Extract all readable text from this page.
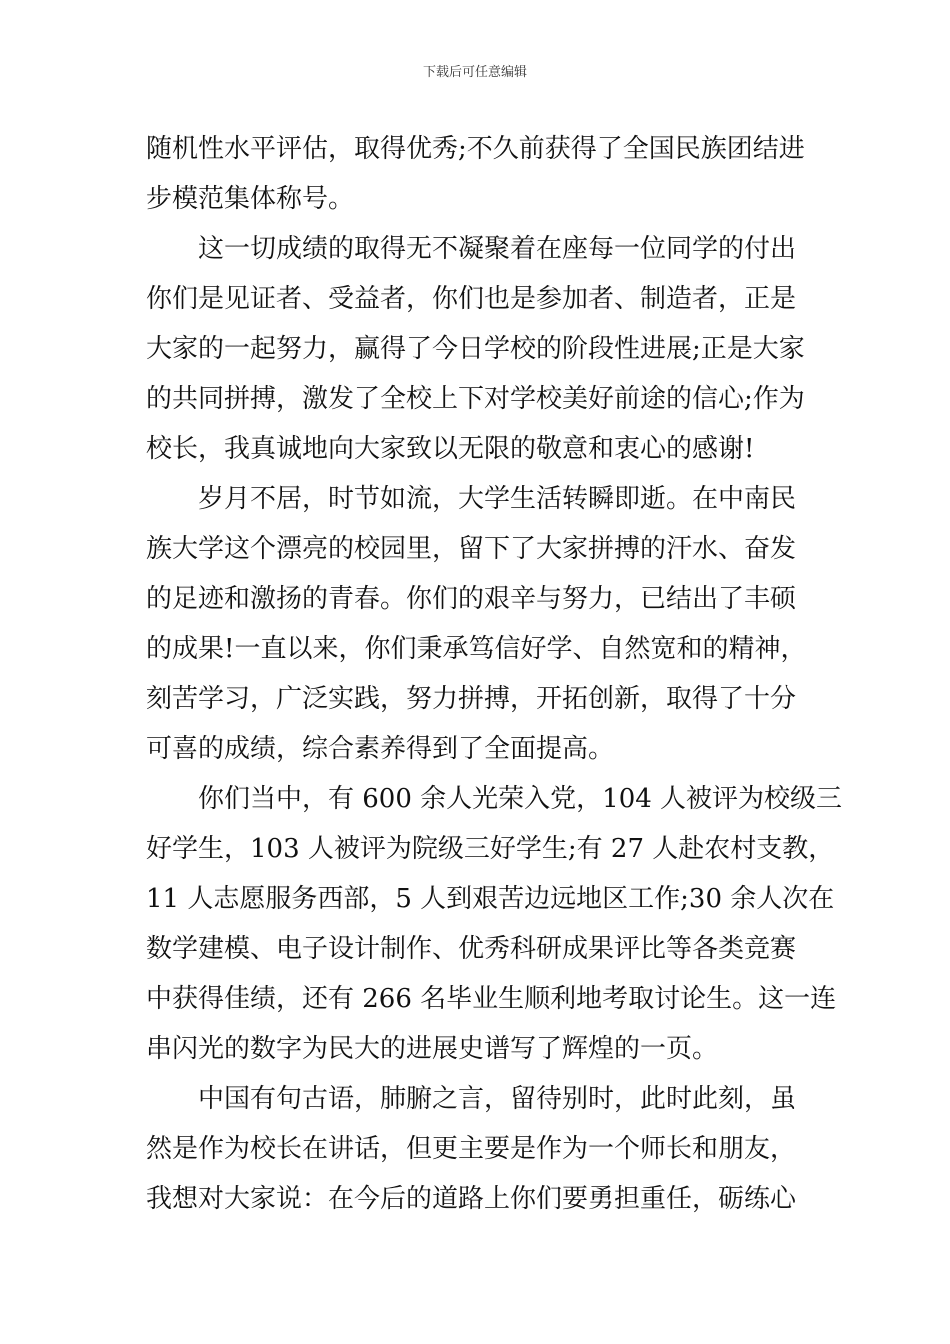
下载后可任意编辑
随机性水平评估，取得优秀;不久前获得了全国民族团结进
步模范集体称号。
这一切成绩的取得无不凝聚着在座每一位同学的付出
你们是见证者、受益者，你们也是参加者、制造者，正是
大家的一起努力，赢得了今日学校的阶段性进展;正是大家
的共同拼搏，激发了全校上下对学校美好前途的信心;作为
校长，我真诚地向大家致以无限的敬意和衷心的感谢!
岁月不居，时节如流，大学生活转瞬即逝。在中南民
族大学这个漂亮的校园里，留下了大家拼搏的汗水、奋发
的足迹和激扬的青春。你们的艰辛与努力，已结出了丰硕
的成果!一直以来，你们秉承笃信好学、自然宽和的精神，
刻苦学习，广泛实践，努力拼搏，开拓创新，取得了十分
可喜的成绩，综合素养得到了全面提高。
你们当中，有 600 余人光荣入党，104 人被评为校级三
好学生，103 人被评为院级三好学生;有 27 人赴农村支教，
11 人志愿服务西部，5 人到艰苦边远地区工作;30 余人次在
数学建模、电子设计制作、优秀科研成果评比等各类竞赛
中获得佳绩，还有 266 名毕业生顺利地考取讨论生。这一连
串闪光的数字为民大的进展史谱写了辉煌的一页。
中国有句古语，肺腑之言，留待别时，此时此刻，虽
然是作为校长在讲话，但更主要是作为一个师长和朋友，
我想对大家说：在今后的道路上你们要勇担重任，砺练心
